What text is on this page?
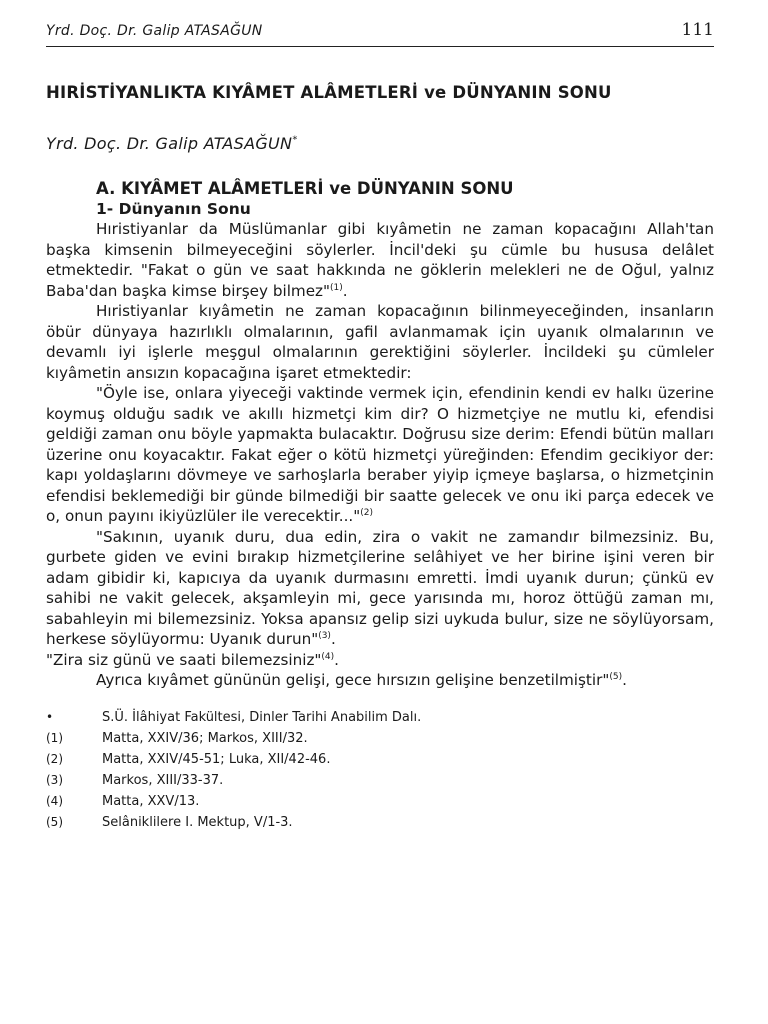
Yrd. Doç. Dr. Galip ATASAĞUN	111
HIRİSTİYANLIKTA KIYÂMET ALÂMETLERİ ve DÜNYANIN SONU
Yrd. Doç. Dr. Galip ATASAĞUN*
A. KIYÂMET ALÂMETLERİ ve DÜNYANIN SONU
1- Dünyanın Sonu

Hıristiyanlar da Müslümanlar gibi kıyâmetin ne zaman kopacağını Allah'tan başka kimsenin bilmeyeceğini söylerler. İncil'deki şu cümle bu hususa delâlet etmektedir. "Fakat o gün ve saat hakkında ne göklerin melekleri ne de Oğul, yalnız Baba'dan başka kimse birşey bilmez"$^{(1)}$.

Hıristiyanlar kıyâmetin ne zaman kopacağının bilinmeyeceğinden, insanların öbür dünyaya hazırlıklı olmalarının, gafil avlanmamak için uyanık olmalarının ve devamlı iyi işlerle meşgul olmalarının gerektiğini söylerler. İncildeki şu cümleler kıyâmetin ansızın kopacağına işaret etmektedir:

"Öyle ise, onlara yiyeceği vaktinde vermek için, efendinin kendi ev halkı üzerine koymuş olduğu sadık ve akıllı hizmetçi kim dir? O hizmetçiye ne mutlu ki, efendisi geldiği zaman onu böyle yapmakta bulacaktır. Doğrusu size derim: Efendi bütün malları üzerine onu koyacaktır. Fakat eğer o kötü hizmetçi yüreğinden: Efendim gecikiyor der: kapı yoldaşlarını dövmeye ve sarhoşlarla beraber yiyip içmeye başlarsa, o hizmetçinin efendisi beklemediği bir günde bilmediği bir saatte gelecek ve onu iki parça edecek ve o, onun payını ikiyüzlüler ile verecektir..."$^{(2)}$

"Sakının, uyanık duru, dua edin, zira o vakit ne zamandır bilmezsiniz. Bu, gurbete giden ve evini bırakıp hizmetçilerine selâhiyet ve her birine işini veren bir adam gibidir ki, kapıcıya da uyanık durmasını emretti. İmdi uyanık durun; çünkü ev sahibi ne vakit gelecek, akşamleyin mi, gece yarısında mı, horoz öttüğü zaman mı, sabahleyin mi bilemezsiniz. Yoksa apansız gelip sizi uykuda bulur, size ne söylüyorsam, herkese söylüyormu: Uyanık durun"$^{(3)}$.

"Zira siz günü ve saati bilemezsiniz"$^{(4)}$.

Ayrıca kıyâmet gününün gelişi, gece hırsızın gelişine benzetilmiştir"$^{(5)}$.

•	S.Ü. İlâhiyat Fakültesi, Dinler Tarihi Anabilim Dalı.
(1)	Matta, XXIV/36; Markos, XIII/32.
(2)	Matta, XXIV/45-51; Luka, XII/42-46.
(3)	Markos, XIII/33-37.
(4)	Matta, XXV/13.
(5)	Selâniklilere I. Mektup, V/1-3.
